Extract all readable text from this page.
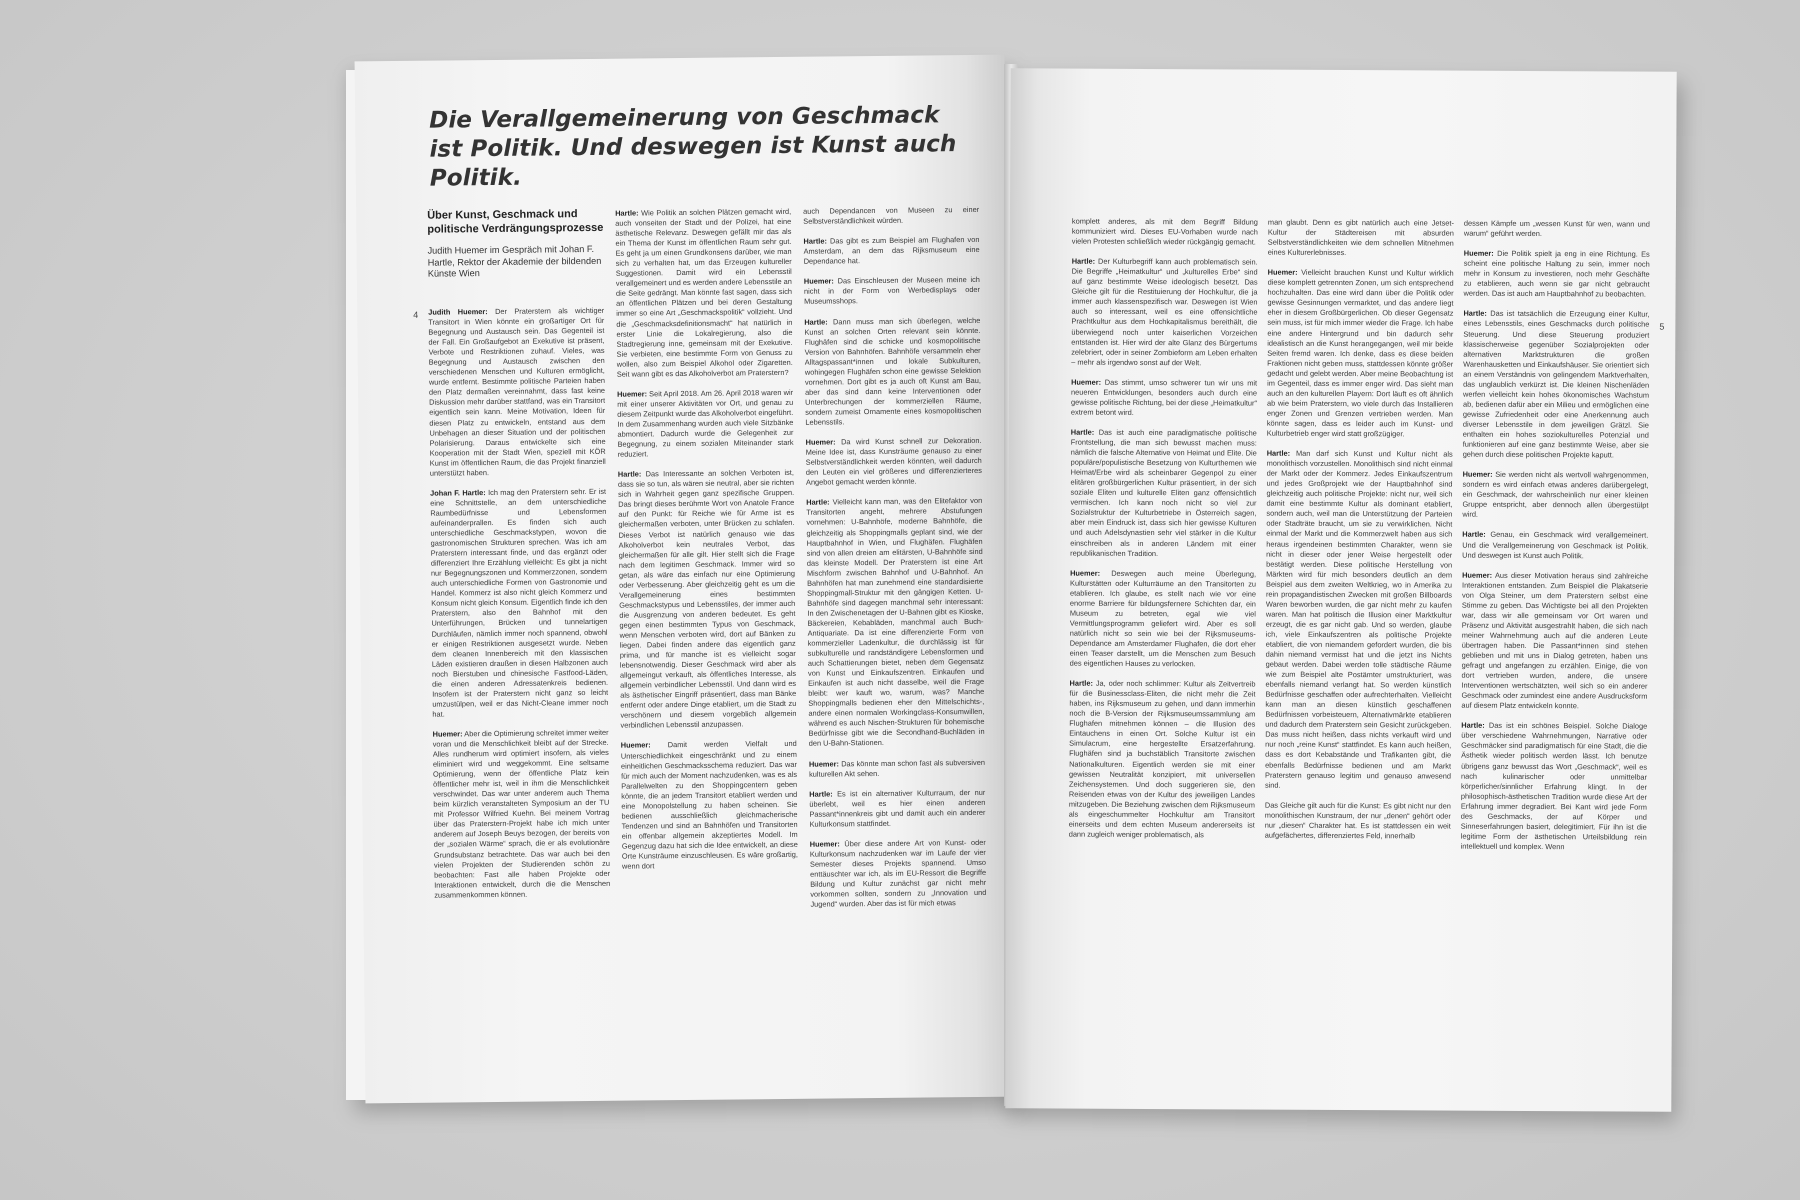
Die Verallgemeinerung von Geschmack
ist Politik. Und deswegen ist Kunst auch Politik.
Über Kunst, Geschmack und politische Verdrängungsprozesse
Judith Huemer im Gespräch mit Johan F. Hartle, Rektor der Akademie der bildenden Künste Wien
4 Judith Huemer: Der Praterstern als wichtiger Transitort in Wien könnte ein großartiger Ort für Begegnung und Austausch sein. Das Gegenteil ist der Fall. Ein Großaufgebot an Exekutive ist präsent, Verbote und Restriktionen zuhauf. Vieles, was Begegnung und Austausch zwischen den verschiedenen Menschen und Kulturen ermöglicht, wurde entfernt. Bestimmte politische Parteien haben den Platz dermaßen vereinnahmt, dass fast keine Diskussion mehr darüber stattfand, was ein Transitort eigentlich sein kann. Meine Motivation, Ideen für diesen Platz zu entwickeln, entstand aus dem Unbehagen an dieser Situation und der politischen Polarisierung. Daraus entwickelte sich eine Kooperation mit der Stadt Wien, speziell mit KÖR Kunst im öffentlichen Raum, die das Projekt finanziell unterstützt haben.

Johan F. Hartle: Ich mag den Praterstern sehr. Er ist eine Schnittstelle, an dem unterschiedliche Raumbedürfnisse und Lebensformen aufeinanderprallen. Es finden sich auch unterschiedliche Geschmackstypen, wovon die gastronomischen Strukturen sprechen. Was ich am Praterstern interessant finde, und das ergänzt oder differenziert Ihre Erzählung vielleicht: Es gibt ja nicht nur Begegnungszonen und Kommerzzonen, sondern auch unterschiedliche Formen von Gastronomie und Handel. Kommerz ist also nicht gleich Kommerz und Konsum nicht gleich Konsum. Eigentlich finde ich den Praterstern, also den Bahnhof mit den Unterführungen, Brücken und tunnelartigen Durchläufen, nämlich immer noch spannend, obwohl er einigen Restriktionen ausgesetzt wurde. Neben dem cleanen Innenbereich mit den klassischen Läden existieren draußen in diesen Halbzonen auch noch Bierstuben und chinesische Fastfood-Läden, die einen anderen Adressatenkreis bedienen. Insofern ist der Praterstern nicht ganz so leicht umzustülpen, weil er das Nicht-Cleane immer noch hat.

Huemer: Aber die Optimierung schreitet immer weiter voran und die Menschlichkeit bleibt auf der Strecke. Alles rundherum wird optimiert insofern, als vieles eliminiert wird und weggekommt. Eine seltsame Optimierung, wenn der öffentliche Platz kein öffentlicher mehr ist, weil in ihm die Menschlichkeit verschwindet. Das war unter anderem auch Thema beim kürzlich veranstalteten Symposium an der TU mit Professor Wilfried Kuehn. Bei meinem Vortrag über das Praterstern-Projekt habe ich mich unter anderem auf Joseph Beuys bezogen, der bereits von der „sozialen Wärme“ sprach, die er als evolutionäre Grundsubstanz betrachtete. Das war auch bei den vielen Projekten der Studierenden schön zu beobachten: Fast alle haben Projekte oder Interaktionen entwickelt, durch die die Menschen zusammenkommen können.
Hartle: Wie Politik an solchen Plätzen gemacht wird, auch vonseiten der Stadt und der Polizei, hat eine ästhetische Relevanz. Deswegen gefällt mir das als ein Thema der Kunst im öffentlichen Raum sehr gut. Es geht ja um einen Grundkonsens darüber, wie man sich zu verhalten hat, um das Erzeugen kultureller Suggestionen. Damit wird ein Lebensstil verallgemeinert und es werden andere Lebensstile an die Seite gedrängt. Man könnte fast sagen, dass sich an öffentlichen Plätzen und bei deren Gestaltung immer so eine Art „Geschmackspolitik“ vollzieht. Und die „Geschmacksdefinitionsmacht“ hat natürlich in erster Linie die Lokalregierung, also die Stadtregierung inne, gemeinsam mit der Exekutive. Sie verbieten, eine bestimmte Form von Genuss zu wollen, also zum Beispiel Alkohol oder Zigaretten. Seit wann gibt es das Alkoholverbot am Praterstern?

Huemer: Seit April 2018. Am 26. April 2018 waren wir mit einer unserer Aktivitäten vor Ort, und genau zu diesem Zeitpunkt wurde das Alkoholverbot eingeführt. In dem Zusammenhang wurden auch viele Sitzbänke abmontiert. Dadurch wurde die Gelegenheit zur Begegnung, zu einem sozialen Miteinander stark reduziert.

Hartle: Das Interessante an solchen Verboten ist, dass sie so tun, als wären sie neutral, aber sie richten sich in Wahrheit gegen ganz spezifische Gruppen. Das bringt dieses berühmte Wort von Anatole France auf den Punkt: für Reiche wie für Arme ist es gleichermaßen verboten, unter Brücken zu schlafen. Dieses Verbot ist natürlich genauso wie das Alkoholverbot kein neutrales Verbot, das gleichermaßen für alle gilt. Hier stellt sich die Frage nach dem legitimen Geschmack. Immer wird so getan, als wäre das einfach nur eine Optimierung oder Verbesserung. Aber gleichzeitig geht es um die Verallgemeinerung eines bestimmten Geschmackstypus und Lebensstiles, der immer auch die Ausgrenzung von anderen bedeutet. Es geht gegen einen bestimmten Typus von Geschmack, wenn Menschen verboten wird, dort auf Bänken zu liegen. Dabei finden andere das eigentlich ganz prima, und für manche ist es vielleicht sogar lebensnotwendig. Dieser Geschmack wird aber als allgemeingut verkauft, als öffentliches Interesse, als allgemein verbindlicher Lebensstil. Und dann wird es als ästhetischer Eingriff präsentiert, dass man Bänke entfernt oder andere Dinge etabliert, um die Stadt zu verschönern und diesem vorgeblich allgemein verbindlichen Lebensstil anzupassen.

Huemer: Damit werden Vielfalt und Unterschiedlichkeit eingeschränkt und zu einem einheitlichen Geschmacksschema reduziert. Das war für mich auch der Moment nachzudenken, was es als Parallelwelten zu den Shoppingcentern geben könnte, die an jedem Transitort etabliert werden und eine Monopolstellung zu haben scheinen. Sie bedienen ausschließlich gleichmacherische Tendenzen und sind an Bahnhöfen und Transitorten ein offenbar allgemein akzeptiertes Modell. Im Gegenzug dazu hat sich die Idee entwickelt, an diese Orte Kunsträume einzuschleusen. Es wäre großartig, wenn dort
auch Dependancen von Museen zu einer Selbstverständlichkeit würden.

Hartle: Das gibt es zum Beispiel am Flughafen von Amsterdam, an dem das Rijksmuseum eine Dependance hat.

Huemer: Das Einschleusen der Museen meine ich nicht in der Form von Werbedisplays oder Museumsshops.

Hartle: Dann muss man sich überlegen, welche Kunst an solchen Orten relevant sein könnte. Flughäfen sind die schicke und kosmopolitische Version von Bahnhöfen. Bahnhöfe versammeln eher Alltagspassant*innen und lokale Subkulturen, wohingegen Flughäfen schon eine gewisse Selektion vornehmen. Dort gibt es ja auch oft Kunst am Bau, aber das sind dann keine Interventionen oder Unterbrechungen der kommerziellen Räume, sondern zumeist Ornamente eines kosmopolitischen Lebensstils.

Huemer: Da wird Kunst schnell zur Dekoration. Meine Idee ist, dass Kunsträume genauso zu einer Selbstverständlichkeit werden könnten, weil dadurch den Leuten ein viel größeres und differenzierteres Angebot gemacht werden könnte.

Hartle: Vielleicht kann man, was den Elitefaktor von Transitorten angeht, mehrere Abstufungen vornehmen: U-Bahnhöfe, moderne Bahnhöfe, die gleichzeitig als Shoppingmalls geplant sind, wie der Hauptbahnhof in Wien, und Flughäfen. Flughäfen sind von allen dreien am elitärsten, U-Bahnhöfe sind das kleinste Modell. Der Praterstern ist eine Art Mischform zwischen Bahnhof und U-Bahnhof. An Bahnhöfen hat man zunehmend eine standardisierte Shoppingmall-Struktur mit den gängigen Ketten. U-Bahnhöfe sind dagegen manchmal sehr interessant: In den Zwischenetagen der U-Bahnen gibt es Kioske, Bäckereien, Kebabläden, manchmal auch Buch-Antiquariate. Da ist eine differenzierte Form von kommerzieller Ladenkultur, die durchlässig ist für subkulturelle und randständigere Lebensformen und auch Schattierungen bietet, neben dem Gegensatz von Kunst und Einkaufszentren. Einkaufen und Einkaufen ist auch nicht dasselbe, weil die Frage bleibt: wer kauft wo, warum, was? Manche Shoppingmalls bedienen eher den Mittelschichts-, andere einen normalen Workingclass-Konsumwillen, während es auch Nischen-Strukturen für bohemische Bedürfnisse gibt wie die Secondhand-Buchläden in den U-Bahn-Stationen.

Huemer: Das könnte man schon fast als subversiven kulturellen Akt sehen.

Hartle: Es ist ein alternativer Kulturraum, der nur überlebt, weil es hier einen anderen Passant*innenkreis gibt und damit auch ein anderer Kulturkonsum stattfindet.

Huemer: Über diese andere Art von Kunst- oder Kulturkonsum nachzudenken war im Laufe der vier Semester dieses Projekts spannend. Umso enttäuschter war ich, als im EU-Ressort die Begriffe Bildung und Kultur zunächst gar nicht mehr vorkommen sollten, sondern zu „Innovation und Jugend“ wurden. Aber das ist für mich etwas
komplett anderes, als mit dem Begriff Bildung kommuniziert wird. Dieses EU-Vorhaben wurde nach vielen Protesten schließlich wieder rückgängig gemacht.

Hartle: Der Kulturbegriff kann auch problematisch sein. Die Begriffe „Heimatkultur“ und „kulturelles Erbe“ sind auf ganz bestimmte Weise ideologisch besetzt. Das Gleiche gilt für die Restituierung der Hochkultur, die ja immer auch klassenspezifisch war. Deswegen ist Wien auch so interessant, weil es eine offensichtliche Prachtkultur aus dem Hochkapitalismus bereithält, die überwiegend noch unter kaiserlichen Vorzeichen entstanden ist. Hier wird der alte Glanz des Bürgertums zelebriert, oder in seiner Zombieform am Leben erhalten – mehr als irgendwo sonst auf der Welt.

Huemer: Das stimmt, umso schwerer tun wir uns mit neueren Entwicklungen, besonders auch durch eine gewisse politische Richtung, bei der diese „Heimatkultur“ extrem betont wird.

Hartle: Das ist auch eine paradigmatische politische Frontstellung, die man sich bewusst machen muss: nämlich die falsche Alternative von Heimat und Elite. Die populäre/populistische Besetzung von Kulturthemen wie Heimat/Erbe wird als scheinbarer Gegenpol zu einer elitären großbürgerlichen Kultur präsentiert, in der sich soziale Eliten und kulturelle Eliten ganz offensichtlich vermischen. Ich kann noch nicht so viel zur Sozialstruktur der Kulturbetriebe in Österreich sagen, aber mein Eindruck ist, dass sich hier gewisse Kulturen und auch Adelsdynastien sehr viel stärker in die Kultur einschreiben als in anderen Ländern mit einer republikanischen Tradition.

Huemer: Deswegen auch meine Überlegung, Kulturstätten oder Kulturräume an den Transitorten zu etablieren. Ich glaube, es stellt nach wie vor eine enorme Barriere für bildungsfernere Schichten dar, ein Museum zu betreten, egal wie viel Vermittlungsprogramm geliefert wird. Aber es soll natürlich nicht so sein wie bei der Rijksmuseums-Dependance am Amsterdamer Flughafen, die dort eher einen Teaser darstellt, um die Menschen zum Besuch des eigentlichen Hauses zu verlocken.

Hartle: Ja, oder noch schlimmer: Kultur als Zeitvertreib für die Businessclass-Eliten, die nicht mehr die Zeit haben, ins Rijksmuseum zu gehen, und dann immerhin noch die B-Version der Rijksmuseumssammlung am Flughafen mitnehmen können – die Illusion des Eintauchens in einen Ort. Solche Kultur ist ein Simulacrum, eine hergestellte Ersatzerfahrung. Flughäfen sind ja buchstäblich Transitorte zwischen Nationalkulturen. Eigentlich werden sie mit einer gewissen Neutralität konzipiert, mit universellen Zeichensystemen. Und doch suggerieren sie, den Reisenden etwas von der Kultur des jeweiligen Landes mitzugeben. Die Beziehung zwischen dem Rijksmuseum als eingeschummelter Hochkultur am Transitort einerseits und dem echten Museum andererseits ist dann zugleich weniger problematisch, als
man glaubt. Denn es gibt natürlich auch eine Jetset-Kultur der Städtereisen mit absurden Selbstverständlichkeiten wie dem schnellen Mitnehmen eines Kulturerlebnisses.

Huemer: Vielleicht brauchen Kunst und Kultur wirklich diese komplett getrennten Zonen, um sich entsprechend hochzuhalten. Das eine wird dann über die Politik oder gewisse Gesinnungen vermarktet, und das andere liegt eher in diesem Großbürgerlichen. Ob dieser Gegensatz sein muss, ist für mich immer wieder die Frage. Ich habe eine andere Hintergrund und bin dadurch sehr idealistisch an die Kunst herangegangen, weil mir beide Seiten fremd waren. Ich denke, dass es diese beiden Fraktionen nicht geben muss, stattdessen könnte größer gedacht und gelebt werden. Aber meine Beobachtung ist im Gegenteil, dass es immer enger wird. Das sieht man auch an den kulturellen Playern: Dort läuft es oft ähnlich ab wie beim Praterstern, wo viele durch das Installieren enger Zonen und Grenzen vertrieben werden. Man könnte sagen, dass es leider auch im Kunst- und Kulturbetrieb enger wird statt großzügiger.

Hartle: Man darf sich Kunst und Kultur nicht als monolithisch vorzustellen. Monolithisch sind nicht einmal der Markt oder der Kommerz. Jedes Einkaufszentrum und jedes Großprojekt wie der Hauptbahnhof sind gleichzeitig auch politische Projekte: nicht nur, weil sich damit eine bestimmte Kultur als dominant etabliert, sondern auch, weil man die Unterstützung der Parteien oder Stadträte braucht, um sie zu verwirklichen. Nicht einmal der Markt und die Kommerzwelt haben aus sich heraus irgendeinen bestimmten Charakter, wenn sie nicht in dieser oder jener Weise hergestellt oder bestätigt werden. Diese politische Herstellung von Märkten wird für mich besonders deutlich an dem Beispiel aus dem zweiten Weltkrieg, wo in Amerika zu rein propagandistischen Zwecken mit großen Billboards Waren beworben wurden, die gar nicht mehr zu kaufen waren. Man hat politisch die Illusion einer Marktkultur erzeugt, die es gar nicht gab. Und so werden, glaube ich, viele Einkaufszentren als politische Projekte etabliert, die von niemandem gefordert wurden, die bis dahin niemand vermisst hat und die jetzt ins Nichts gebaut werden. Dabei werden tolle städtische Räume wie zum Beispiel alte Postämter umstrukturiert, was ebenfalls niemand verlangt hat. So werden künstlich Bedürfnisse geschaffen oder aufrechterhalten. Vielleicht kann man an diesen künstlich geschaffenen Bedürfnissen vorbeisteuern, Alternativmärkte etablieren und dadurch dem Praterstern sein Gesicht zurückgeben. Das muss nicht heißen, dass nichts verkauft wird und nur noch „reine Kunst“ stattfindet. Es kann auch heißen, dass es dort Kebabstände und Trafikanten gibt, die ebenfalls Bedürfnisse bedienen und am Markt Praterstern genauso legitim und genauso anwesend sind.

Das Gleiche gilt auch für die Kunst: Es gibt nicht nur den monolithischen Kunstraum, der nur „denen“ gehört oder nur „diesen“ Charakter hat. Es ist stattdessen ein weit aufgefächertes, differenziertes Feld, innerhalb
dessen Kämpfe um „wessen Kunst für wen, wann und warum“ geführt werden.

Huemer: Die Politik spielt ja eng in eine Richtung. Es scheint eine politische Haltung zu sein, immer noch mehr in Konsum zu investieren, noch mehr Geschäfte zu etablieren, auch wenn sie gar nicht gebraucht werden. Das ist auch am Hauptbahnhof zu beobachten.

Hartle: Das ist tatsächlich die Erzeugung einer Kultur, eines Lebensstils, eines Geschmacks durch politische Steuerung. Und diese Steuerung produziert klassischerweise gegenüber Sozialprojekten oder alternativen Marktstrukturen die großen Warenhausketten und Einkaufshäuser. Sie orientiert sich an einem Verständnis von gelingendem Marktverhalten, das unglaublich verkürzt ist. Die kleinen Nischenläden werfen vielleicht kein hohes ökonomisches Wachstum ab, bedienen dafür aber ein Milieu und ermöglichen eine gewisse Zufriedenheit oder eine Anerkennung auch diverser Lebensstile in dem jeweiligen Grätzl. Sie enthalten ein hohes soziokulturelles Potenzial und funktionieren auf eine ganz bestimmte Weise, aber sie gehen durch diese politischen Projekte kaputt.

Huemer: Sie werden nicht als wertvoll wahrgenommen, sondern es wird einfach etwas anderes darübergelegt, ein Geschmack, der wahrscheinlich nur einer kleinen Gruppe entspricht, aber dennoch allen übergestülpt wird.

Hartle: Genau, ein Geschmack wird verallgemeinert. Und die Verallgemeinerung von Geschmack ist Politik. Und deswegen ist Kunst auch Politik.

Huemer: Aus dieser Motivation heraus sind zahlreiche Interaktionen entstanden. Zum Beispiel die Plakatserie von Olga Steiner, um dem Praterstern selbst eine Stimme zu geben. Das Wichtigste bei all den Projekten war, dass wir alle gemeinsam vor Ort waren und Präsenz und Aktivität ausgestrahlt haben, die sich nach meiner Wahrnehmung auch auf die anderen Leute übertragen haben. Die Passant*innen sind stehen geblieben und mit uns in Dialog getreten, haben uns gefragt und angefangen zu erzählen. Einige, die von dort vertrieben wurden, andere, die unsere Interventionen wertschätzten, weil sich so ein anderer Geschmack oder zumindest eine andere Ausdrucksform auf diesem Platz entwickeln konnte.

Hartle: Das ist ein schönes Beispiel. Solche Dialoge über verschiedene Wahrnehmungen, Narrative oder Geschmäcker sind paradigmatisch für eine Stadt, die die Ästhetik wieder politisch werden lässt. Ich benutze übrigens ganz bewusst das Wort „Geschmack“, weil es nach kulinarischer oder unmittelbar körperlicher/sinnlicher Erfahrung klingt. In der philosophisch-ästhetischen Tradition wurde diese Art der Erfahrung immer degradiert. Bei Kant wird jede Form des Geschmacks, der auf Körper und Sinneserfahrungen basiert, delegitimiert. Für ihn ist die legitime Form der ästhetischen Urteilsbildung rein intellektuell und komplex. Wenn
5
